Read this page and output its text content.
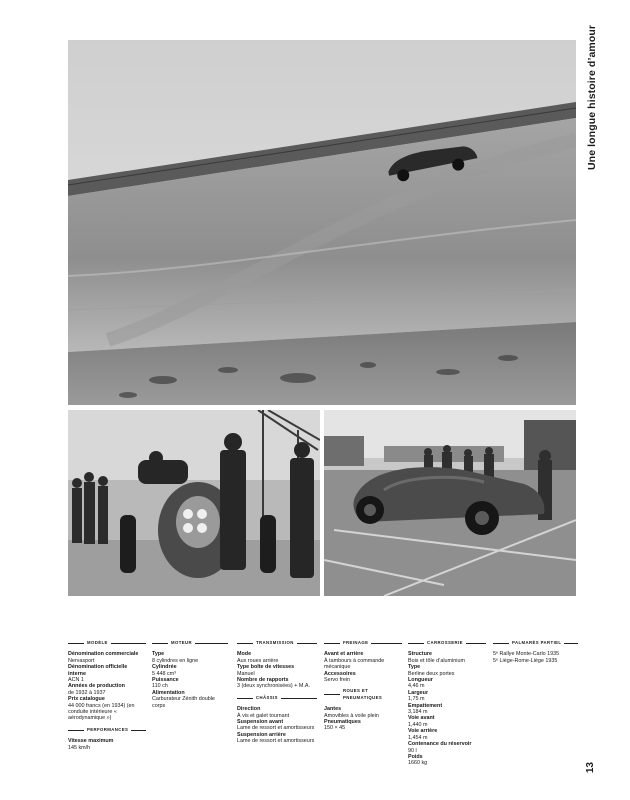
Une longue histoire d’amour
13
MODÈLE
Dénomination commerciale
Nervasport
Dénomination officielle interne
ACN 1
Années de production
de 1932 à 1937
Prix catalogue
44 000 francs (en 1934) (en conduite intérieure « aérodynamique »)
PERFORMANCES
Vitesse maximum
145 km/h
MOTEUR
Type
8 cylindres en ligne
Cylindrée
5 448 cm³
Puissance
110 ch
Alimentation
Carburateur Zénith double corps
TRANSMISSION
Mode
Aux roues arrière
Type boîte de vitesses
Manuel
Nombre de rapports
3 (deux synchronisées) + M.A.
CHÂSSIS
Direction
À vis et galet tournant
Suspension avant
Lame de ressort et amortisseurs
Suspension arrière
Lame de ressort et amortisseurs
FREINAGE
Avant et arrière
À tambours à commande mécanique
Accessoires
Servo frein
ROUES ET PNEUMATIQUES
Jantes
Amovibles à voile plein
Pneumatiques
150 × 45
CARROSSERIE
Structure
Bois et tôle d’aluminium
Type
Berline deux portes
Longueur
4,46 m
Largeur
1,75 m
Empattement
3,184 m
Voie avant
1,440 m
Voie arrière
1,454 m
Contenance du réservoir
90 l
Poids
1660 kg
PALMARÈS PARTIEL
5ᵉ Rallye Monte-Carlo 1935
5ᵉ Liège-Rome-Liège 1935
